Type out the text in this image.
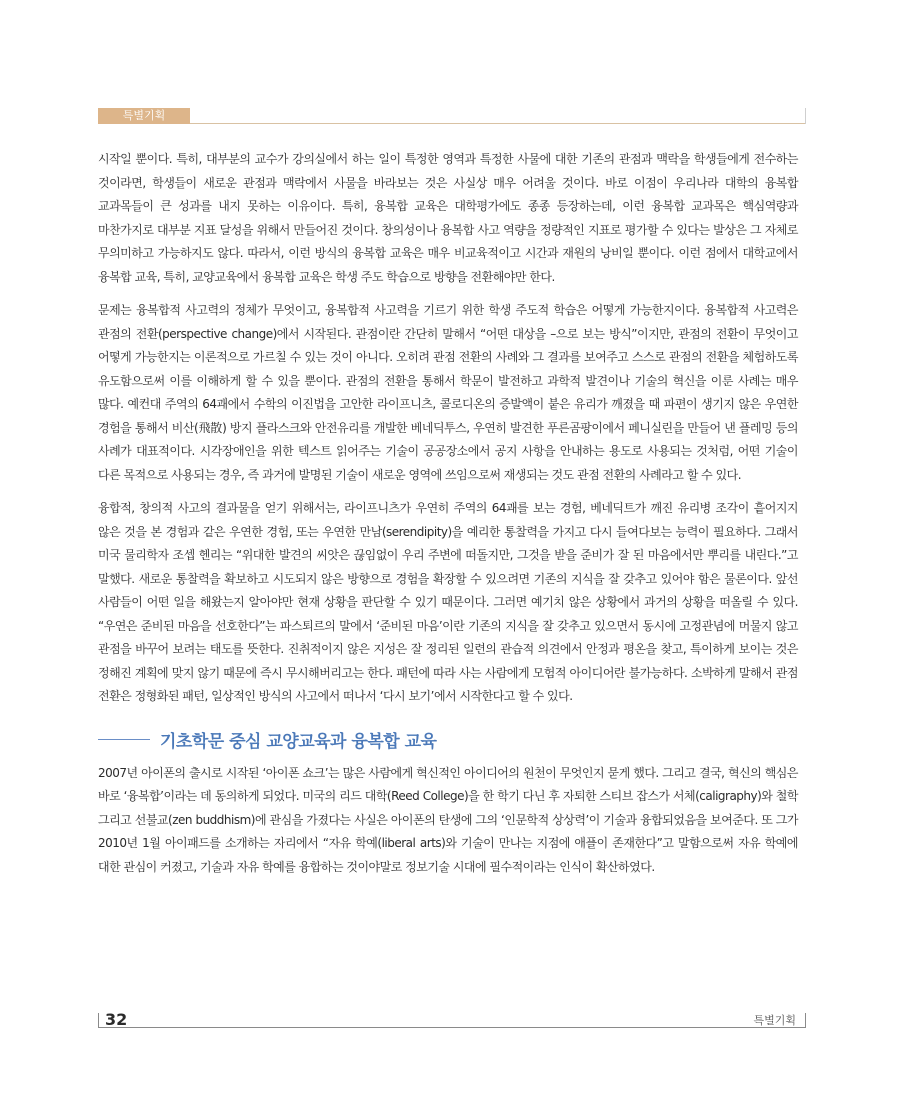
특별기획

시작일 뿐이다. 특히, 대부분의 교수가 강의실에서 하는 일이 특정한 영역과 특정한 사물에 대한 기존의 관점과 맥락을 학생들에게 전수하는 것이라면, 학생들이 새로운 관점과 맥락에서 사물을 바라보는 것은 사실상 매우 어려울 것이다. 바로 이점이 우리나라 대학의 융복합 교과목들이 큰 성과를 내지 못하는 이유이다. 특히, 융복합 교육은 대학평가에도 종종 등장하는데, 이런 융복합 교과목은 핵심역량과 마찬가지로 대부분 지표 달성을 위해서 만들어진 것이다. 창의성이나 융복합 사고 역량을 정량적인 지표로 평가할 수 있다는 발상은 그 자체로 무의미하고 가능하지도 않다. 따라서, 이런 방식의 융복합 교육은 매우 비교육적이고 시간과 재원의 낭비일 뿐이다. 이런 점에서 대학교에서 융복합 교육, 특히, 교양교육에서 융복합 교육은 학생 주도 학습으로 방향을 전환해야만 한다.

문제는 융복합적 사고력의 정체가 무엇이고, 융복합적 사고력을 기르기 위한 학생 주도적 학습은 어떻게 가능한지이다. 융복합적 사고력은 관점의 전환(perspective change)에서 시작된다. 관점이란 간단히 말해서 “어떤 대상을 –으로 보는 방식”이지만, 관점의 전환이 무엇이고 어떻게 가능한지는 이론적으로 가르칠 수 있는 것이 아니다. 오히려 관점 전환의 사례와 그 결과를 보여주고 스스로 관점의 전환을 체험하도록 유도함으로써 이를 이해하게 할 수 있을 뿐이다. 관점의 전환을 통해서 학문이 발전하고 과학적 발견이나 기술의 혁신을 이룬 사례는 매우 많다. 예컨대 주역의 64괘에서 수학의 이진법을 고안한 라이프니츠, 콜로디온의 증발액이 붙은 유리가 깨졌을 때 파편이 생기지 않은 우연한 경험을 통해서 비산(飛散) 방지 플라스크와 안전유리를 개발한 베네딕투스, 우연히 발견한 푸른곰팡이에서 페니실린을 만들어 낸 플레밍 등의 사례가 대표적이다. 시각장애인을 위한 텍스트 읽어주는 기술이 공공장소에서 공지 사항을 안내하는 용도로 사용되는 것처럼, 어떤 기술이 다른 목적으로 사용되는 경우, 즉 과거에 발명된 기술이 새로운 영역에 쓰임으로써 재생되는 것도 관점 전환의 사례라고 할 수 있다.

융합적, 창의적 사고의 결과물을 얻기 위해서는, 라이프니츠가 우연히 주역의 64괘를 보는 경험, 베네딕트가 깨진 유리병 조각이 흩어지지 않은 것을 본 경험과 같은 우연한 경험, 또는 우연한 만남(serendipity)을 예리한 통찰력을 가지고 다시 들여다보는 능력이 필요하다. 그래서 미국 물리학자 조셉 헨리는 “위대한 발견의 씨앗은 끊임없이 우리 주변에 떠돌지만, 그것을 받을 준비가 잘 된 마음에서만 뿌리를 내린다.”고 말했다. 새로운 통찰력을 확보하고 시도되지 않은 방향으로 경험을 확장할 수 있으려면 기존의 지식을 잘 갖추고 있어야 함은 물론이다. 앞선 사람들이 어떤 일을 해왔는지 알아야만 현재 상황을 판단할 수 있기 때문이다. 그러면 예기치 않은 상황에서 과거의 상황을 떠올릴 수 있다. “우연은 준비된 마음을 선호한다”는 파스퇴르의 말에서 ‘준비된 마음’이란 기존의 지식을 잘 갖추고 있으면서 동시에 고정관념에 머물지 않고 관점을 바꾸어 보려는 태도를 뜻한다. 진취적이지 않은 지성은 잘 정리된 일련의 관습적 의견에서 안정과 평온을 찾고, 특이하게 보이는 것은 정해진 계획에 맞지 않기 때문에 즉시 무시해버리고는 한다. 패턴에 따라 사는 사람에게 모험적 아이디어란 불가능하다. 소박하게 말해서 관점 전환은 정형화된 패턴, 일상적인 방식의 사고에서 떠나서 ‘다시 보기’에서 시작한다고 할 수 있다.

기초학문 중심 교양교육과 융복합 교육

2007년 아이폰의 출시로 시작된 ‘아이폰 쇼크’는 많은 사람에게 혁신적인 아이디어의 원천이 무엇인지 묻게 했다. 그리고 결국, 혁신의 핵심은 바로 ‘융복합’이라는 데 동의하게 되었다. 미국의 리드 대학(Reed College)을 한 학기 다닌 후 자퇴한 스티브 잡스가 서체(caligraphy)와 철학 그리고 선불교(zen buddhism)에 관심을 가졌다는 사실은 아이폰의 탄생에 그의 ‘인문학적 상상력’이 기술과 융합되었음을 보여준다. 또 그가 2010년 1월 아이패드를 소개하는 자리에서 “자유 학예(liberal arts)와 기술이 만나는 지점에 애플이 존재한다”고 말함으로써 자유 학예에 대한 관심이 커졌고, 기술과 자유 학예를 융합하는 것이야말로 정보기술 시대에 필수적이라는 인식이 확산하였다.

32	특별기획
